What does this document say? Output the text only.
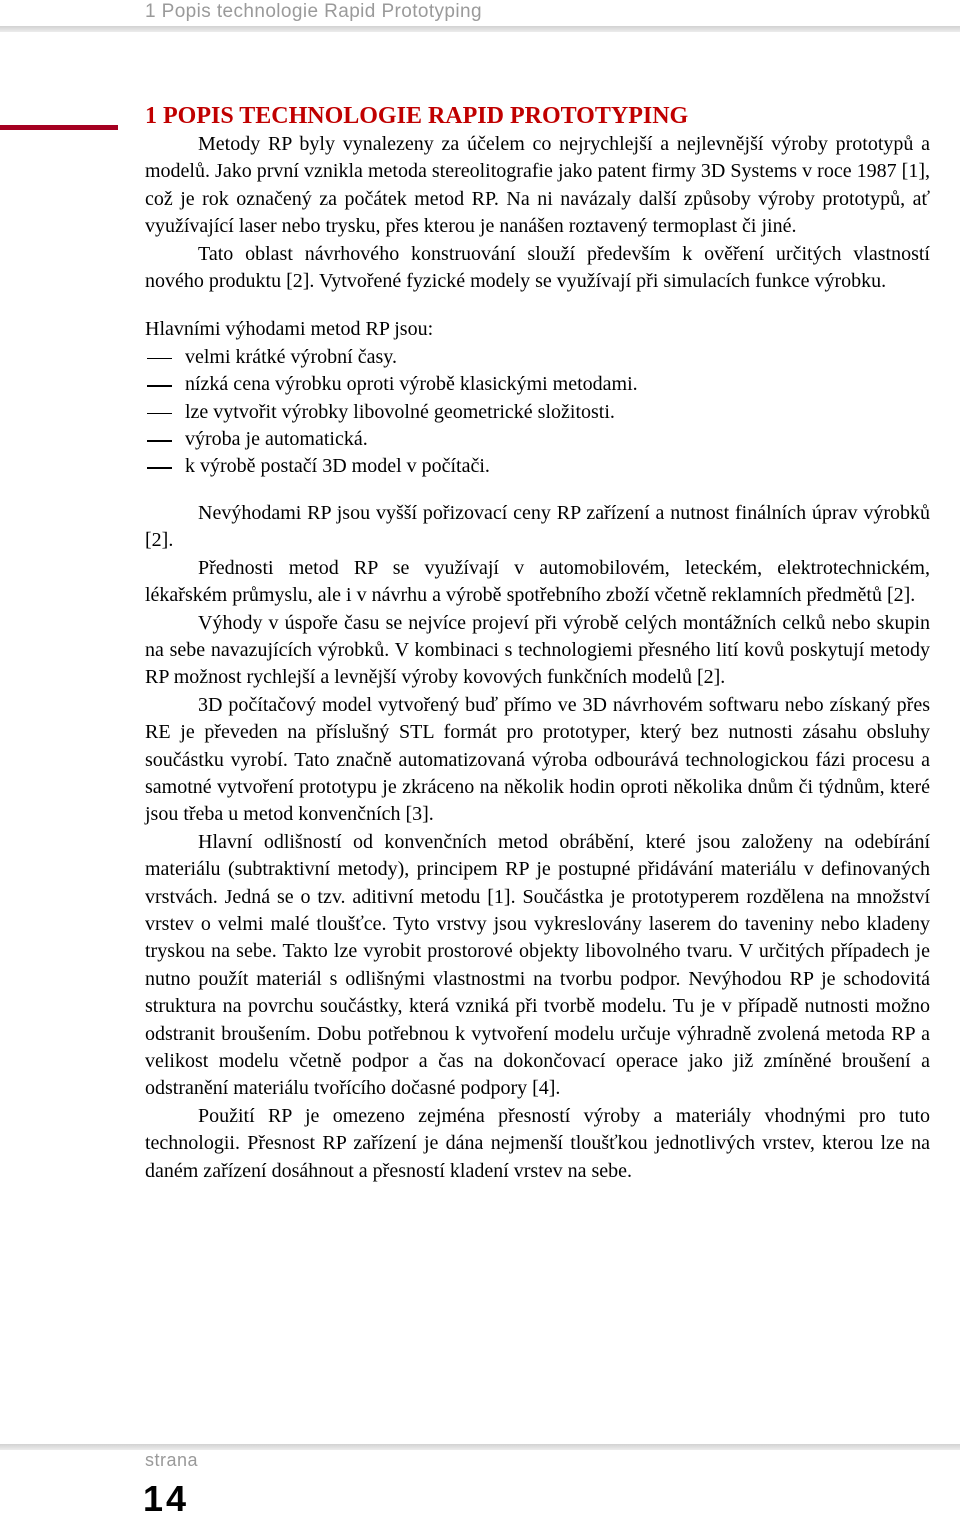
1 Popis technologie Rapid Prototyping
1 POPIS TECHNOLOGIE RAPID PROTOTYPING

Metody RP byly vynalezeny za účelem co nejrychlejší a nejlevnější výroby prototypů a modelů. Jako první vznikla metoda stereolitografie jako patent firmy 3D Systems v roce 1987 [1], což je rok označený za počátek metod RP. Na ni navázaly další způsoby výroby prototypů, ať využívající laser nebo trysku, přes kterou je nanášen roztavený termoplast či jiné.

Tato oblast návrhového konstruování slouží především k ověření určitých vlastností nového produktu [2]. Vytvořené fyzické modely se využívají při simulacích funkce výrobku.

Hlavními výhodami metod RP jsou:

velmi krátké výrobní časy.
nízká cena výrobku oproti výrobě klasickými metodami.
lze vytvořit výrobky libovolné geometrické složitosti.
výroba je automatická.
k výrobě postačí 3D model v počítači.

Nevýhodami RP jsou vyšší pořizovací ceny RP zařízení a nutnost finálních úprav výrobků [2].

Přednosti metod RP se využívají v automobilovém, leteckém, elektrotechnickém, lékařském průmyslu, ale i v návrhu a výrobě spotřebního zboží včetně reklamních předmětů [2].

Výhody v úspoře času se nejvíce projeví při výrobě celých montážních celků nebo skupin na sebe navazujících výrobků. V kombinaci s technologiemi přesného lití kovů poskytují metody RP možnost rychlejší a levnější výroby kovových funkčních modelů [2].

3D počítačový model vytvořený buď přímo ve 3D návrhovém softwaru nebo získaný přes RE je převeden na příslušný STL formát pro prototyper, který bez nutnosti zásahu obsluhy součástku vyrobí. Tato značně automatizovaná výroba odbourává technologickou fázi procesu a samotné vytvoření prototypu je zkráceno na několik hodin oproti několika dnům či týdnům, které jsou třeba u metod konvenčních [3].

Hlavní odlišností od konvenčních metod obrábění, které jsou založeny na odebírání materiálu (subtraktivní metody), principem RP je postupné přidávání materiálu v definovaných vrstvách. Jedná se o tzv. aditivní metodu [1]. Součástka je prototyperem rozdělena na množství vrstev o velmi malé tloušťce. Tyto vrstvy jsou vykreslovány laserem do taveniny nebo kladeny tryskou na sebe. Takto lze vyrobit prostorové objekty libovolného tvaru. V určitých případech je nutno použít materiál s odlišnými vlastnostmi na tvorbu podpor. Nevýhodou RP je schodovitá struktura na povrchu součástky, která vzniká při tvorbě modelu. Tu je v případě nutnosti možno odstranit broušením. Dobu potřebnou k vytvoření modelu určuje výhradně zvolená metoda RP a velikost modelu včetně podpor a čas na dokončovací operace jako již zmíněné broušení a odstranění materiálu tvořícího dočasné podpory [4].

Použití RP je omezeno zejména přesností výroby a materiály vhodnými pro tuto technologii. Přesnost RP zařízení je dána nejmenší tloušťkou jednotlivých vrstev, kterou lze na daném zařízení dosáhnout a přesností kladení vrstev na sebe.

strana
14
